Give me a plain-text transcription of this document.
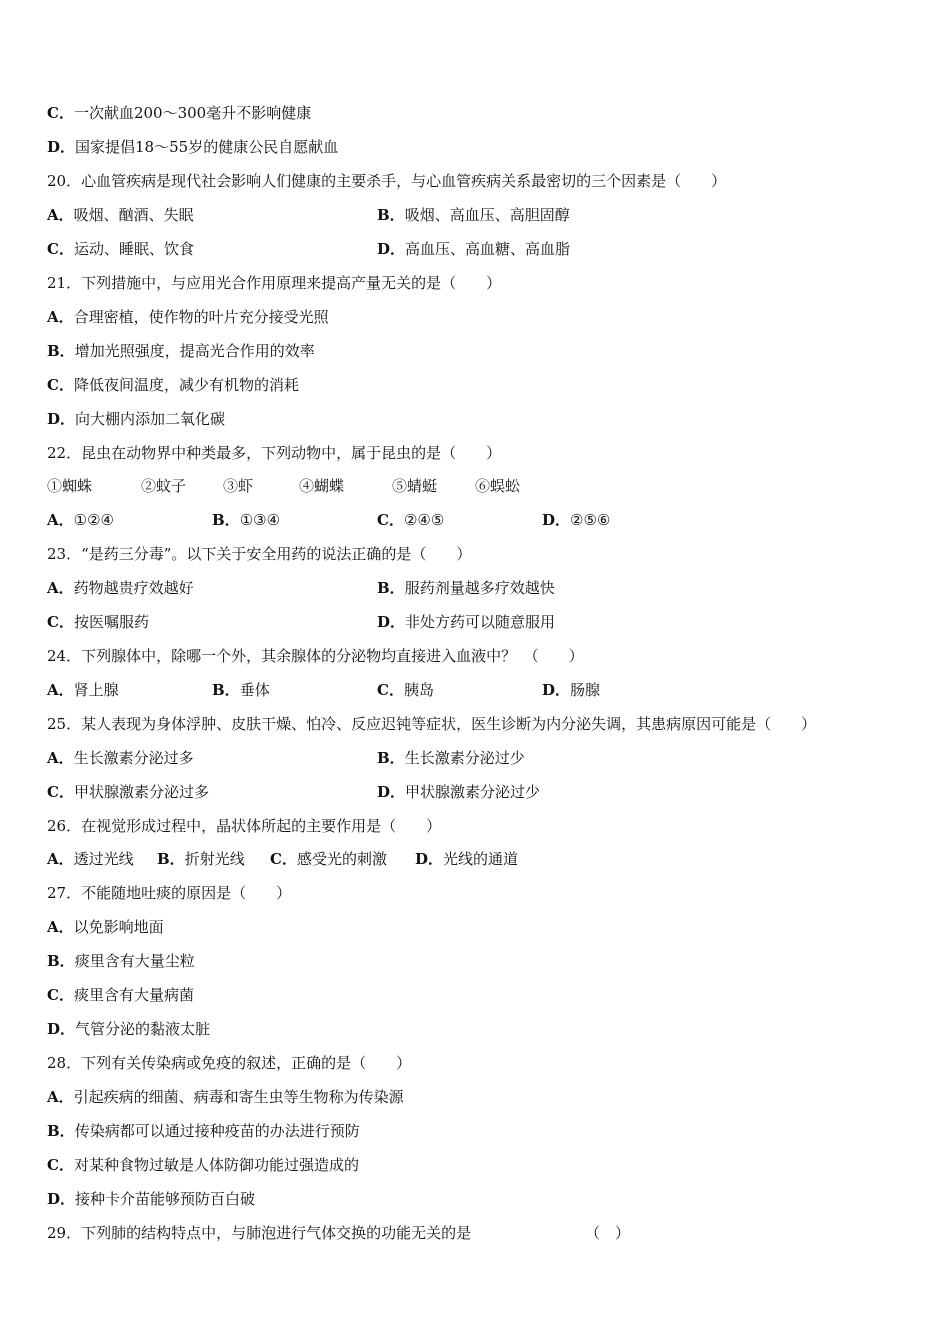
C．一次献血200～300毫升不影响健康
D．国家提倡18～55岁的健康公民自愿献血
20．心血管疾病是现代社会影响人们健康的主要杀手，与心血管疾病关系最密切的三个因素是（　　）

A．吸烟、酗酒、失眠

	B．吸烟、高血压、高胆固醇

C．运动、睡眠、饮食

	D．高血压、高血糖、高血脂

21．下列措施中，与应用光合作用原理来提高产量无关的是（　　）
A．合理密植，使作物的叶片充分接受光照
B．增加光照强度，提高光合作用的效率
C．降低夜间温度，减少有机物的消耗
D．向大棚内添加二氧化碳
22．昆虫在动物界中种类最多，下列动物中，属于昆虫的是（　　）

①蜘蛛

	②蚊子

③虾

	④蝴蝶

	⑤蜻蜓

	⑥蜈蚣

A．①②④

	B．①③④

	C．②④⑤

	D．②⑤⑥

23．“是药三分毒”。以下关于安全用药的说法正确的是（　　）

A．药物越贵疗效越好

	B．服药剂量越多疗效越快

C．按医嘱服药

	D．非处方药可以随意服用

24．下列腺体中，除哪一个外，其余腺体的分泌物均直接进入血液中？　（　　）

A．肾上腺

	B．垂体

	C．胰岛

	D．肠腺

25．某人表现为身体浮肿、皮肤干燥、怕冷、反应迟钝等症状，医生诊断为内分泌失调，其患病原因可能是（　　）

A．生长激素分泌过多

	B．生长激素分泌过少

C．甲状腺激素分泌过多

	D．甲状腺激素分泌过少

26．在视觉形成过程中，晶状体所起的主要作用是（　　）

A．透过光线

B．折射光线

C．感受光的刺激

D．光线的通道

27．不能随地吐痰的原因是（　　）
A．以免影响地面
B．痰里含有大量尘粒
C．痰里含有大量病菌
D．气管分泌的黏液太脏
28．下列有关传染病或免疫的叙述，正确的是（　　）
A．引起疾病的细菌、病毒和寄生虫等生物称为传染源
B．传染病都可以通过接种疫苗的办法进行预防
C．对某种食物过敏是人体防御功能过强造成的
D．接种卡介苗能够预防百白破

29．下列肺的结构特点中，与肺泡进行气体交换的功能无关的是

	（　）
